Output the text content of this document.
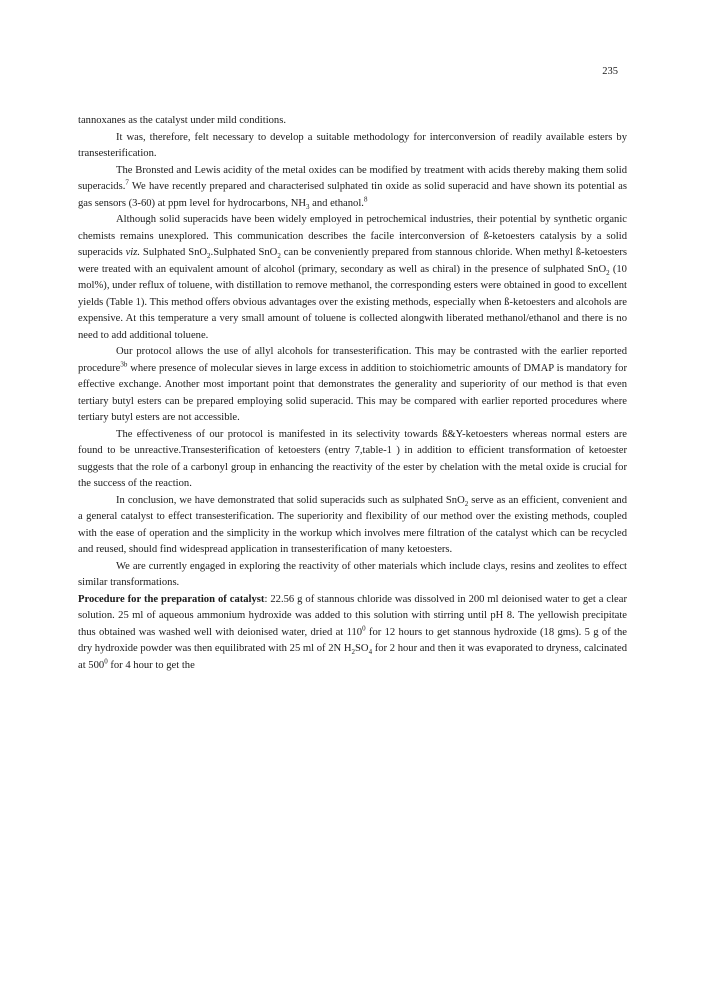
235

tannoxanes as the catalyst under mild conditions.

It was, therefore, felt necessary to develop a suitable methodology for interconversion of readily available esters by transesterification.

The Bronsted and Lewis acidity of the metal oxides can be modified by treatment with acids thereby making them solid superacids.$^7$ We have recently prepared and characterised sulphated tin oxide as solid superacid and have shown its potential as gas sensors (3-60) at ppm level for hydrocarbons, $NH_3$ and ethanol.$^8$

Although solid superacids have been widely employed in petrochemical industries, their potential by synthetic organic chemists remains unexplored. This communication describes the facile interconversion of ß-ketoesters catalysis by a solid superacids viz. Sulphated SnO$_2$.Sulphated SnO$_2$ can be conveniently prepared from stannous chloride. When methyl ß-ketoesters were treated with an equivalent amount of alcohol (primary, secondary as well as chiral) in the presence of sulphated SnO$_2$ (10 mol%), under reflux of toluene, with distillation to remove methanol, the corresponding esters were obtained in good to excellent yields (Table 1). This method offers obvious advantages over the existing methods, especially when ß-ketoesters and alcohols are expensive. At this temperature a very small amount of toluene is collected alongwith liberated methanol/ethanol and there is no need to add additional toluene.

Our protocol allows the use of allyl alcohols for transesterification. This may be contrasted with the earlier reported procedure$^{3b}$ where presence of molecular sieves in large excess in addition to stoichiometric amounts of DMAP is mandatory for effective exchange. Another most important point that demonstrates the generality and superiority of our method is that even tertiary butyl esters can be prepared employing solid superacid. This may be compared with earlier reported procedures where tertiary butyl esters are not accessible.

The effectiveness of our protocol is manifested in its selectivity towards ß&Y-ketoesters whereas normal esters are found to be unreactive.Transesterification of ketoesters (entry 7,table-1 ) in addition to efficient transformation of ketoester suggests that the role of a carbonyl group in enhancing the reactivity of the ester by chelation with the metal oxide is crucial for the success of the reaction.

In conclusion, we have demonstrated that solid superacids such as sulphated SnO$_2$ serve as an efficient, convenient and a general catalyst to effect transesterification. The superiority and flexibility of our method over the existing methods, coupled with the ease of operation and the simplicity in the workup which involves mere filtration of the catalyst which can be recycled and reused, should find widespread application in transesterification of many ketoesters.

We are currently engaged in exploring the reactivity of other materials which include clays, resins and zeolites to effect similar transformations.

Procedure for the preparation of catalyst: 22.56 g of stannous chloride was dissolved in 200 ml deionised water to get a clear solution. 25 ml of aqueous ammonium hydroxide was added to this solution with stirring until pH 8. The yellowish precipitate thus obtained was washed well with deionised water, dried at $110^0$ for 12 hours to get stannous hydroxide (18 gms). 5 g of the dry hydroxide powder was then equilibrated with 25 ml of 2N $H_2SO_4$ for 2 hour and then it was evaporated to dryness, calcinated at $500^0$ for 4 hour to get the
